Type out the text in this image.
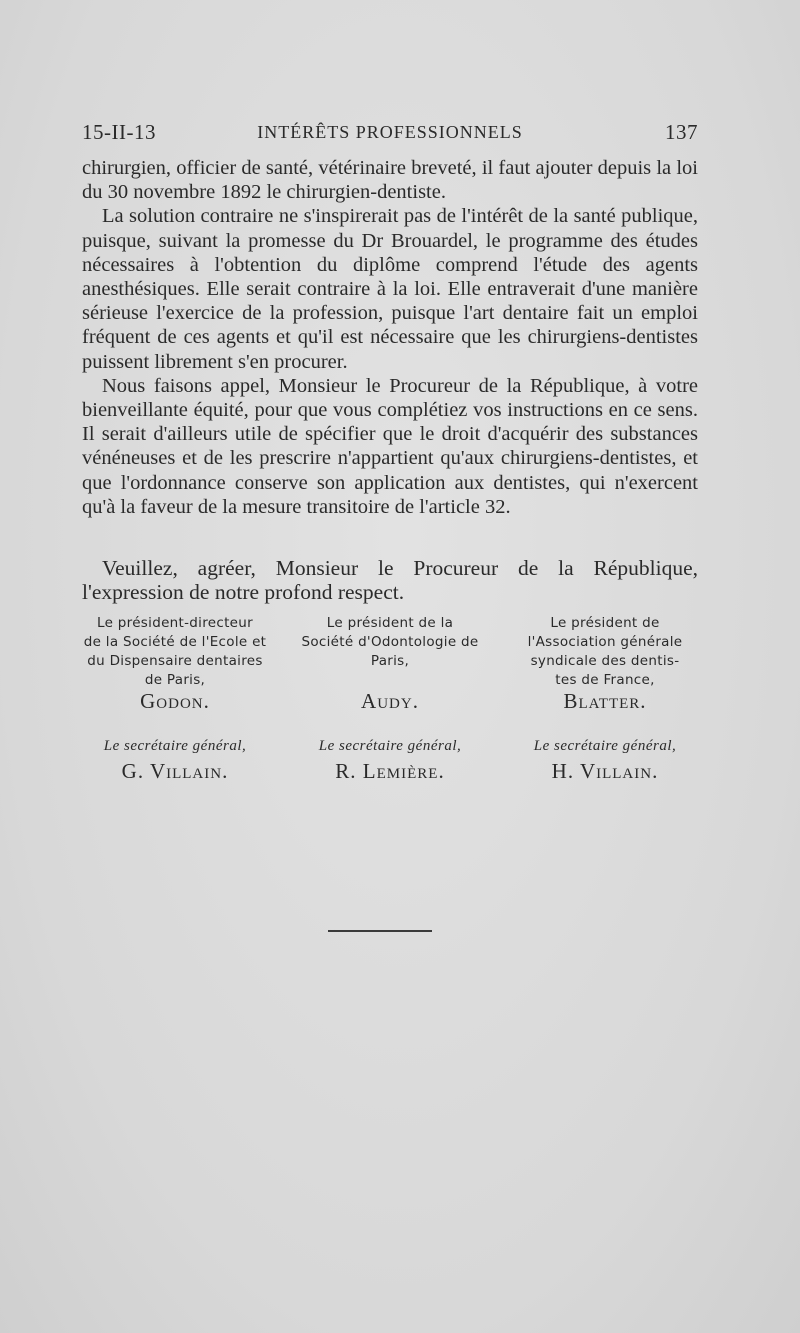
15-II-13	INTÉRÊTS PROFESSIONNELS	137

chirurgien, officier de santé, vétérinaire breveté, il faut ajouter depuis la loi du 30 novembre 1892 le chirurgien-dentiste.

La solution contraire ne s'inspirerait pas de l'intérêt de la santé publique, puisque, suivant la promesse du Dr Brouardel, le programme des études nécessaires à l'obtention du diplôme comprend l'étude des agents anesthésiques. Elle serait contraire à la loi. Elle entraverait d'une manière sérieuse l'exercice de la profession, puisque l'art dentaire fait un emploi fréquent de ces agents et qu'il est nécessaire que les chirurgiens-dentistes puissent librement s'en procurer.

Nous faisons appel, Monsieur le Procureur de la République, à votre bienveillante équité, pour que vous complétiez vos instructions en ce sens. Il serait d'ailleurs utile de spécifier que le droit d'acquérir des substances vénéneuses et de les prescrire n'appartient qu'aux chirurgiens-dentistes, et que l'ordonnance conserve son application aux dentistes, qui n'exercent qu'à la faveur de la mesure transitoire de l'article 32.

Veuillez, agréer, Monsieur le Procureur de la République, l'expression de notre profond respect.

Le président-directeur
de la Société de l'Ecole et
du Dispensaire dentaires
de Paris,
Godon.
Le président de la
Société d'Odontologie de
Paris,
Audy.
Le président de
l'Association générale
syndicale des dentis-
tes de France,
Blatter.
Le secrétaire général,
G. Villain.
Le secrétaire général,
R. Lemière.
Le secrétaire général,
H. Villain.
